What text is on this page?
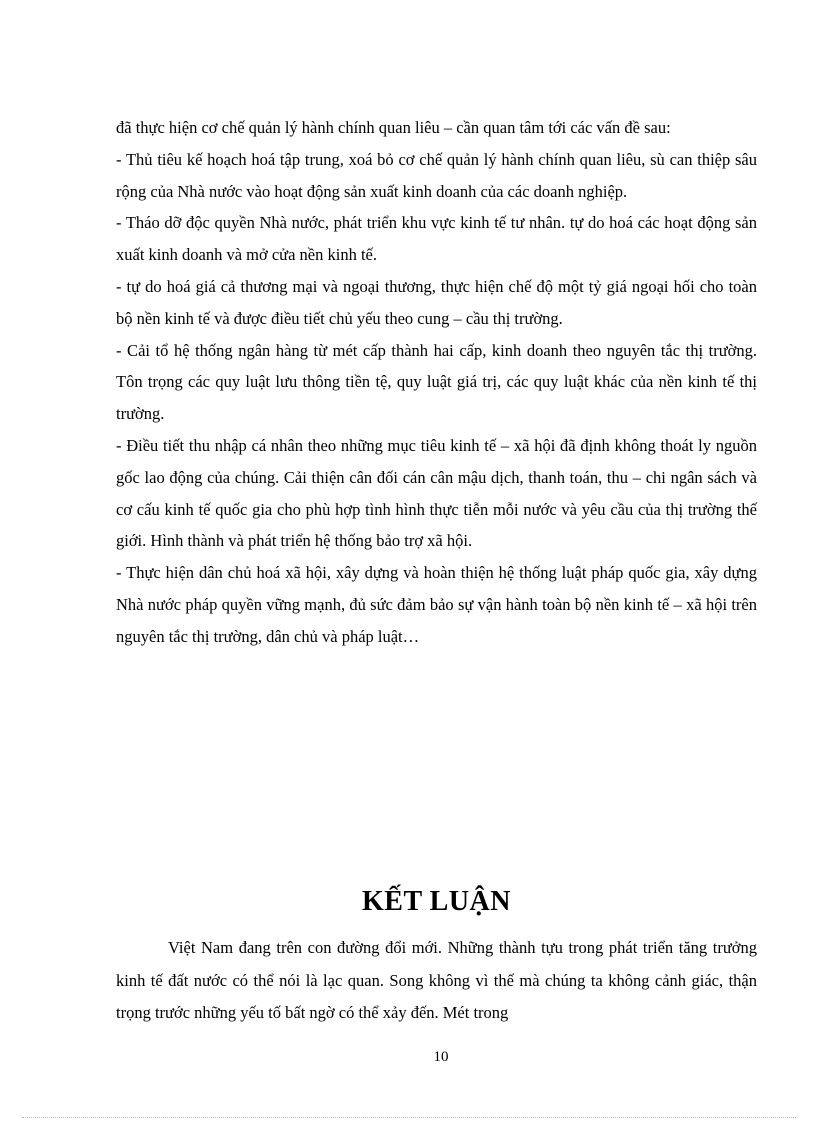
đã thực hiện cơ chế quản lý hành chính quan liêu – cần quan tâm tới các vấn đề sau:

- Thủ tiêu kế hoạch hoá tập trung, xoá bỏ cơ chế quản lý hành chính quan liêu, sù can thiệp sâu rộng của Nhà nước vào hoạt động sản xuất kinh doanh của các doanh nghiệp.

- Tháo dỡ độc quyền Nhà nước, phát triển khu vực kinh tế tư nhân. tự do hoá các hoạt động sản xuất kinh doanh và mở cửa nền kinh tế.

- tự do hoá giá cả thương mại và ngoại thương, thực hiện chế độ một tỷ giá ngoại hối cho toàn bộ nền kinh tế và được điều tiết chủ yếu theo cung – cầu thị trường.

- Cải tổ hệ thống ngân hàng từ mét cấp thành hai cấp, kinh doanh theo nguyên tắc thị trường. Tôn trọng các quy luật lưu thông tiền tệ, quy luật giá trị, các quy luật khác của nền kinh tế thị trường.

- Điều tiết thu nhập cá nhân theo những mục tiêu kinh tế – xã hội đã định không thoát ly nguồn gốc lao động của chúng. Cải thiện cân đối cán cân mậu dịch, thanh toán, thu – chi ngân sách và cơ cấu kinh tế quốc gia cho phù hợp tình hình thực tiễn mỗi nước và yêu cầu của thị trường thế giới. Hình thành và phát triển hệ thống bảo trợ xã hội.

- Thực hiện dân chủ hoá xã hội, xây dựng và hoàn thiện hệ thống luật pháp quốc gia, xây dựng Nhà nước pháp quyền vững mạnh, đủ sức đảm bảo sự vận hành toàn bộ nền kinh tế – xã hội trên nguyên tắc thị trường, dân chủ và pháp luật…

KẾT LUẬN

Việt Nam đang trên con đường đổi mới. Những thành tựu trong phát triển tăng trưởng kinh tế đất nước có thể nói là lạc quan. Song không vì thế mà chúng ta không cảnh giác, thận trọng trước những yếu tố bất ngờ có thể xảy đến. Mét trong

10
